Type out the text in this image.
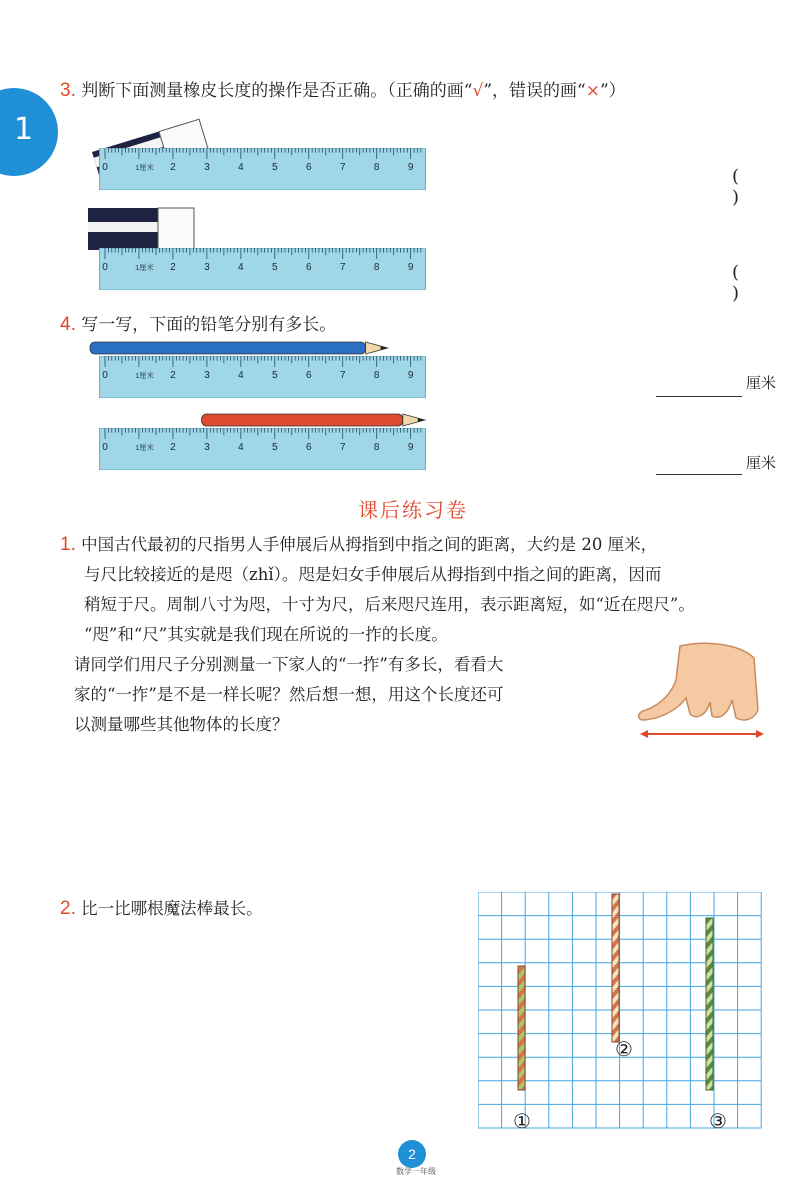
1
3. 判断下面测量橡皮长度的操作是否正确。（正确的画“√”，错误的画“×”）
0	1厘米 2	3	4	5	6	7	8	9	( )
0	1厘米 2	3	4	5	6	7	8	9	( )
4. 写一写，下面的铅笔分别有多长。
0	1厘米 2	3	4	5	6	7	8	9	厘米
0	1厘米 2	3	4	5	6	7	8	9
厘米
课后练习卷
1. 中国古代最初的尺指男人手伸展后从拇指到中指之间的距离，大约是 20 厘米，
与尺比较接近的是咫（zhǐ）。咫是妇女手伸展后从拇指到中指之间的距离，因而
稍短于尺。周制八寸为咫，十寸为尺，后来咫尺连用，表示距离短，如“近在咫尺”。
“咫”和“尺”其实就是我们现在所说的一拃的长度。
请同学们用尺子分别测量一下家人的“一拃”有多长，看看大
家的“一拃”是不是一样长呢？然后想一想，用这个长度还可
以测量哪些其他物体的长度？
2. 比一比哪根魔法棒最长。
①
②
③
2
数学一年级
